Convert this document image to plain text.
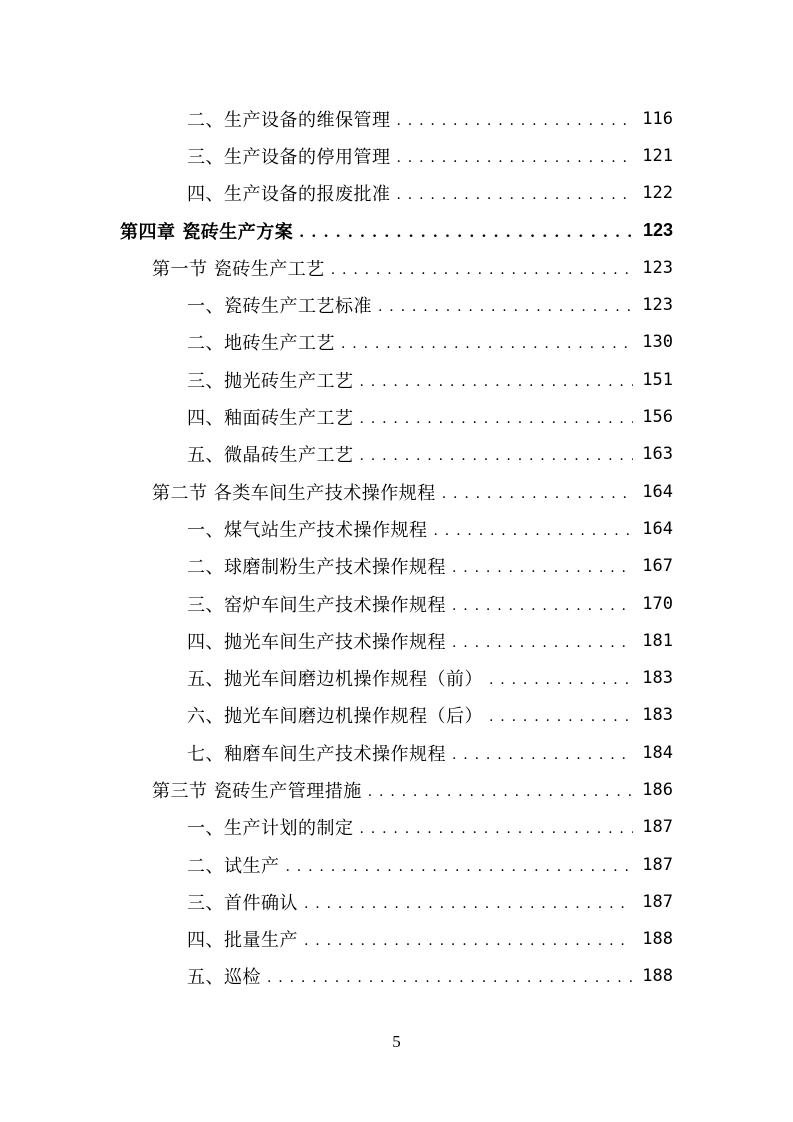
二、生产设备的维保管理 . . .	116
三、生产设备的停用管理 . . .	121
四、生产设备的报废批准 . . .	122
第四章 瓷砖生产方案 . . .	123
第一节 瓷砖生产工艺 . . .	123
一、瓷砖生产工艺标准 . . .	123
二、地砖生产工艺 . . .	130
三、抛光砖生产工艺 . . .	151
四、釉面砖生产工艺 . . .	156
五、微晶砖生产工艺 . . .	163
第二节 各类车间生产技术操作规程 . . .	164
一、煤气站生产技术操作规程 . . .	164
二、球磨制粉生产技术操作规程 . . .	167
三、窑炉车间生产技术操作规程 . . .	170
四、抛光车间生产技术操作规程 . . .	181
五、抛光车间磨边机操作规程（前） . . .	183
六、抛光车间磨边机操作规程（后） . . .	183
七、釉磨车间生产技术操作规程 . . .	184
第三节 瓷砖生产管理措施 . . .	186
一、生产计划的制定 . . .	187
二、试生产 . . .	187
三、首件确认 . . .	187
四、批量生产 . . .	188
五、巡检 . . .	188
5
